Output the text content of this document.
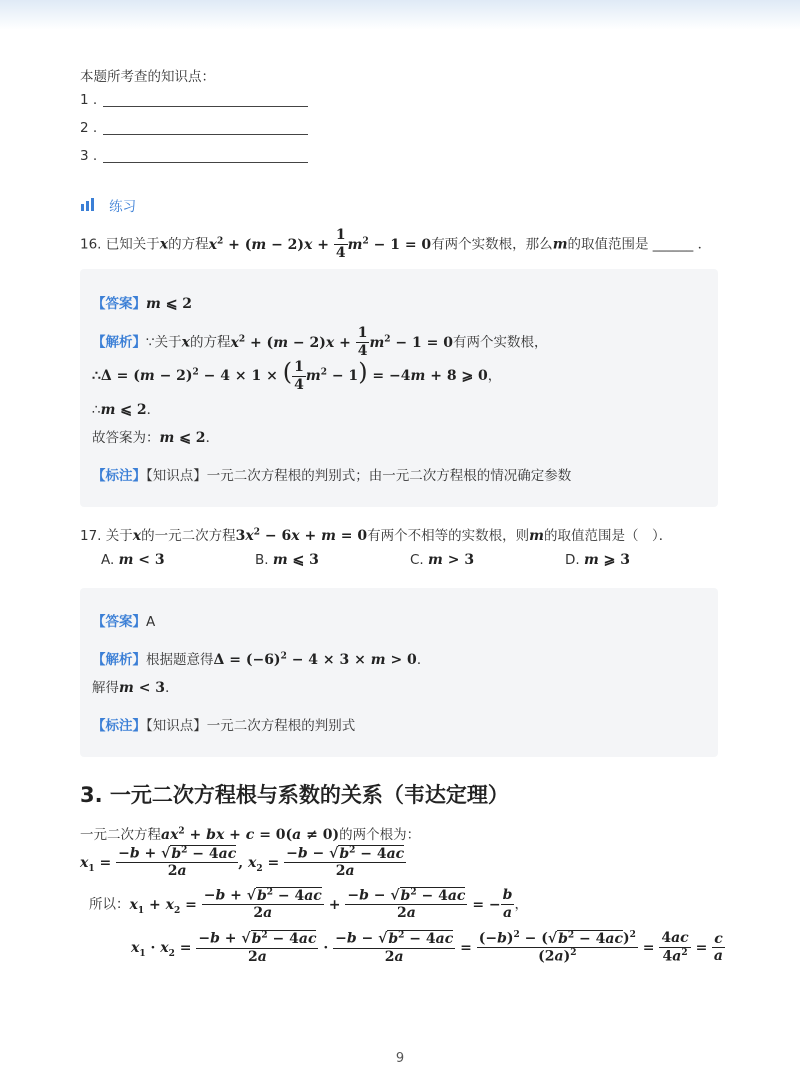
本题所考查的知识点：
1 .
2 .
3 .
练习
16. 已知关于x的方程$x^2 + (m - 2)x + \frac{1}{4} m^2 - 1 = 0$有两个实数根，那么m的取值范围是 ______ ．
【答案】m ⩽ 2
【解析】∵关于x的方程$x^2 + (m - 2)x + \frac{1}{4} m^2 - 1 = 0$有两个实数根，
∴Δ = $(m - 2)^2 - 4 \times 1$ × ( $\frac{1}{4} m^2 - 1) = -4m + 8$ ⩾ 0，
∴m ⩽ 2．
故答案为：m ⩽ 2．
【标注】【知识点】一元二次方程根的判别式；由一元二次方程根的情况确定参数
17. 关于x的一元二次方程$3x^2 - 6x + m = 0$有两个不相等的实数根，则m的取值范围是（　）．
A. m < 3	B. m ⩽ 3	C. m > 3	D. m ⩾ 3
【答案】A
【解析】根据题意得$\Delta = (-6)^2 - 4 \times 3 \times m > 0$．
解得m < 3．
【标注】【知识点】一元二次方程根的判别式
3. 一元二次方程根与系数的关系（韦达定理）
一元二次方程$ax^2$ + bx + c = 0(a ≠ 0)的两个根为：
$x_1 = \frac{-b + √b^2 - 4ac}{2a}$ , $x_2 = \frac{-b - √b^2 - 4ac}{2a}$
所以：$x_1 + x_2 = \frac{-b + √b^2 - 4ac}{2a} + \frac{-b - √b^2 - 4ac}{2a}$ = − $\frac{b}{a}$ ，
$x_1 \cdot x_2 = \frac{-b + √b^2 - 4ac}{2a} \cdot \frac{-b - √b^2 - 4ac}{2a} = \frac{(-b)^2 - (√b^2 - 4ac)^2}{(2a)^2} = \frac{4ac}{4a^2} = \frac{c}{a}$
9
